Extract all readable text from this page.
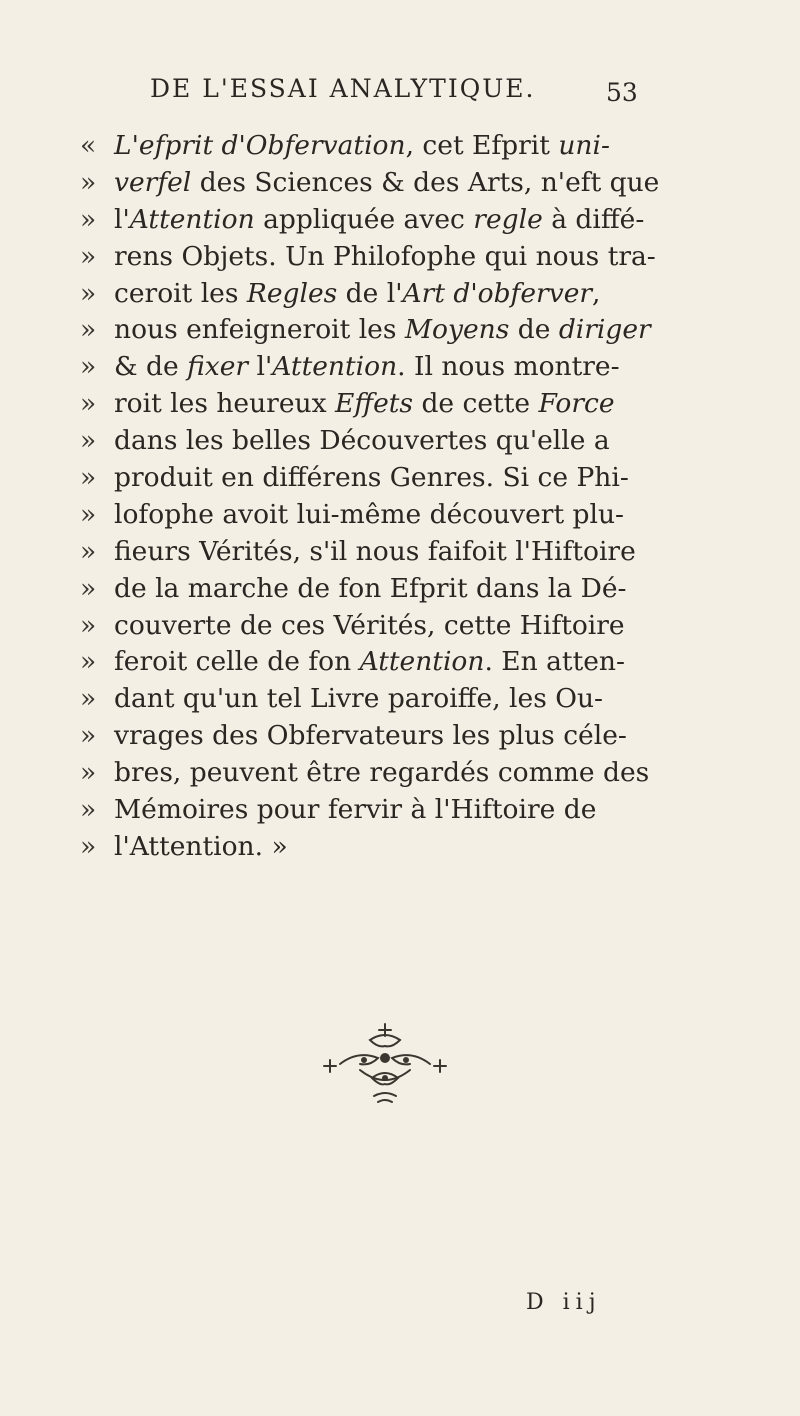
DE L'ESSAI ANALYTIQUE.	53
« L'efprit d'Obfervation, cet Efprit uni-
» verfel des Sciences & des Arts, n'eft que
» l'Attention appliquée avec regle à diffé-
» rens Objets. Un Philofophe qui nous tra-
» ceroit les Regles de l'Art d'obferver,
» nous enfeigneroit les Moyens de diriger
» & de fixer l'Attention. Il nous montre-
» roit les heureux Effets de cette Force
» dans les belles Découvertes qu'elle a
» produit en différens Genres. Si ce Phi-
» lofophe avoit lui-même découvert plu-
» fieurs Vérités, s'il nous faifoit l'Hiftoire
» de la marche de fon Efprit dans la Dé-
» couverte de ces Vérités, cette Hiftoire
» feroit celle de fon Attention. En atten-
» dant qu'un tel Livre paroiffe, les Ou-
» vrages des Obfervateurs les plus céle-
» bres, peuvent être regardés comme des
» Mémoires pour fervir à l'Hiftoire de
» l'Attention. »
D iij
